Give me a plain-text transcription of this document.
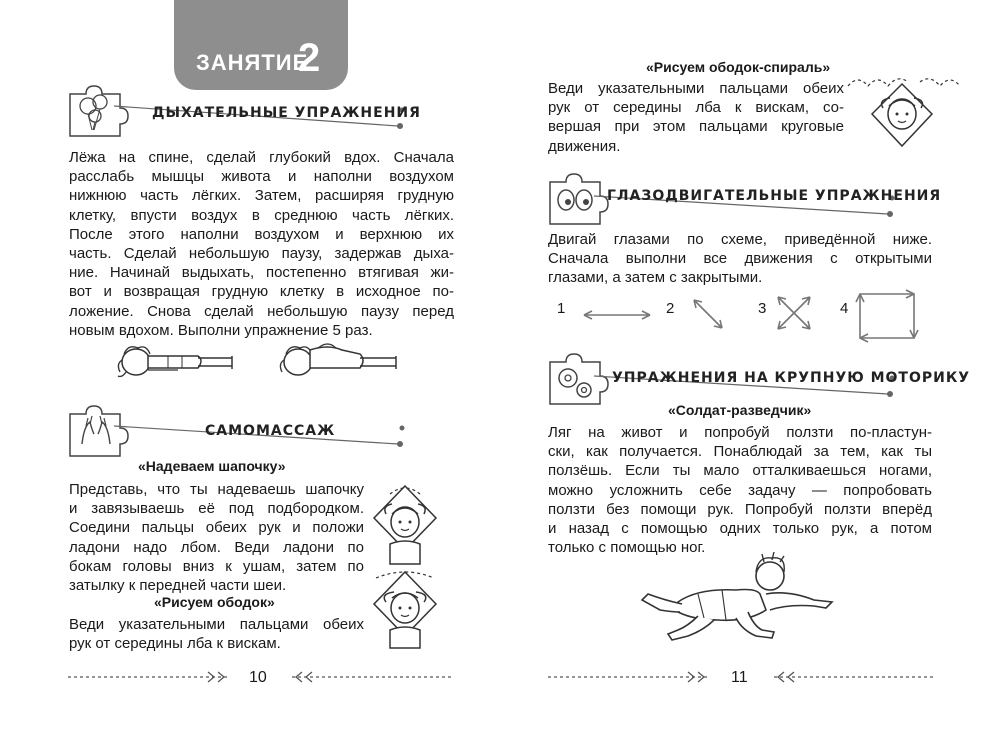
ЗАНЯТИЕ
2
ДЫХАТЕЛЬНЫЕ УПРАЖНЕНИЯ
Лёжа на спине, сделай глубокий вдох. Сначала
расслабь мышцы живота и наполни воздухом
нижнюю часть лёгких. Затем, расширяя грудную
клетку, впусти воздух в среднюю часть лёгких.
После этого наполни воздухом и верхнюю их
часть. Сделай небольшую паузу, задержав дыха-
ние. Начинай выдыхать, постепенно втягивая жи-
вот и возвращая грудную клетку в исходное по-
ложение. Снова сделай небольшую паузу перед
новым вдохом. Выполни упражнение 5 раз.
САМОМАССАЖ
«Надеваем шапочку»
Представь, что ты надеваешь шапочку
и завязываешь её под подбородком.
Соедини пальцы обеих рук и положи
ладони надо лбом. Веди ладони по
бокам головы вниз к ушам, затем по
затылку к передней части шеи.
«Рисуем ободок»
Веди указательными пальцами обеих
рук от середины лба к вискам.
10
«Рисуем ободок-спираль»
Веди указательными пальцами обеих
рук от середины лба к вискам, со-
вершая при этом пальцами круговые
движения.
ГЛАЗОДВИГАТЕЛЬНЫЕ УПРАЖНЕНИЯ
Двигай глазами по схеме, приведённой ниже.
Сначала выполни все движения с открытыми
глазами, а затем с закрытыми.
1	2	3	4
УПРАЖНЕНИЯ НА КРУПНУЮ МОТОРИКУ
«Солдат-разведчик»
Ляг на живот и попробуй ползти по-пластун-
ски, как получается. Понаблюдай за тем, как ты
ползёшь. Если ты мало отталкиваешься ногами,
можно усложнить себе задачу — попробовать
ползти без помощи рук. Попробуй ползти вперёд
и назад с помощью одних только рук, а потом
только с помощью ног.
11
